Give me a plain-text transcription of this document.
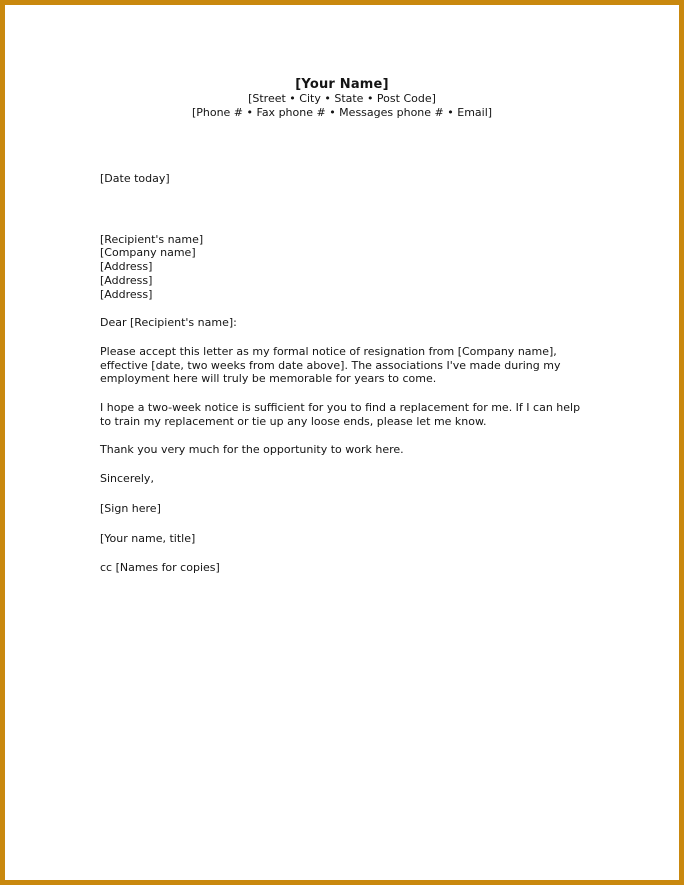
[Your Name]
[Street • City • State • Post Code]
[Phone # • Fax phone # • Messages phone # • Email]
[Date today]
[Recipient's name]
[Company name]
[Address]
[Address]
[Address]
Dear [Recipient's name]:
Please accept this letter as my formal notice of resignation from [Company name], effective [date, two weeks from date above]. The associations I've made during my employment here will truly be memorable for years to come.
I hope a two-week notice is sufficient for you to find a replacement for me. If I can help to train my replacement or tie up any loose ends, please let me know.
Thank you very much for the opportunity to work here.
Sincerely,
[Sign here]
[Your name, title]
cc [Names for copies]
